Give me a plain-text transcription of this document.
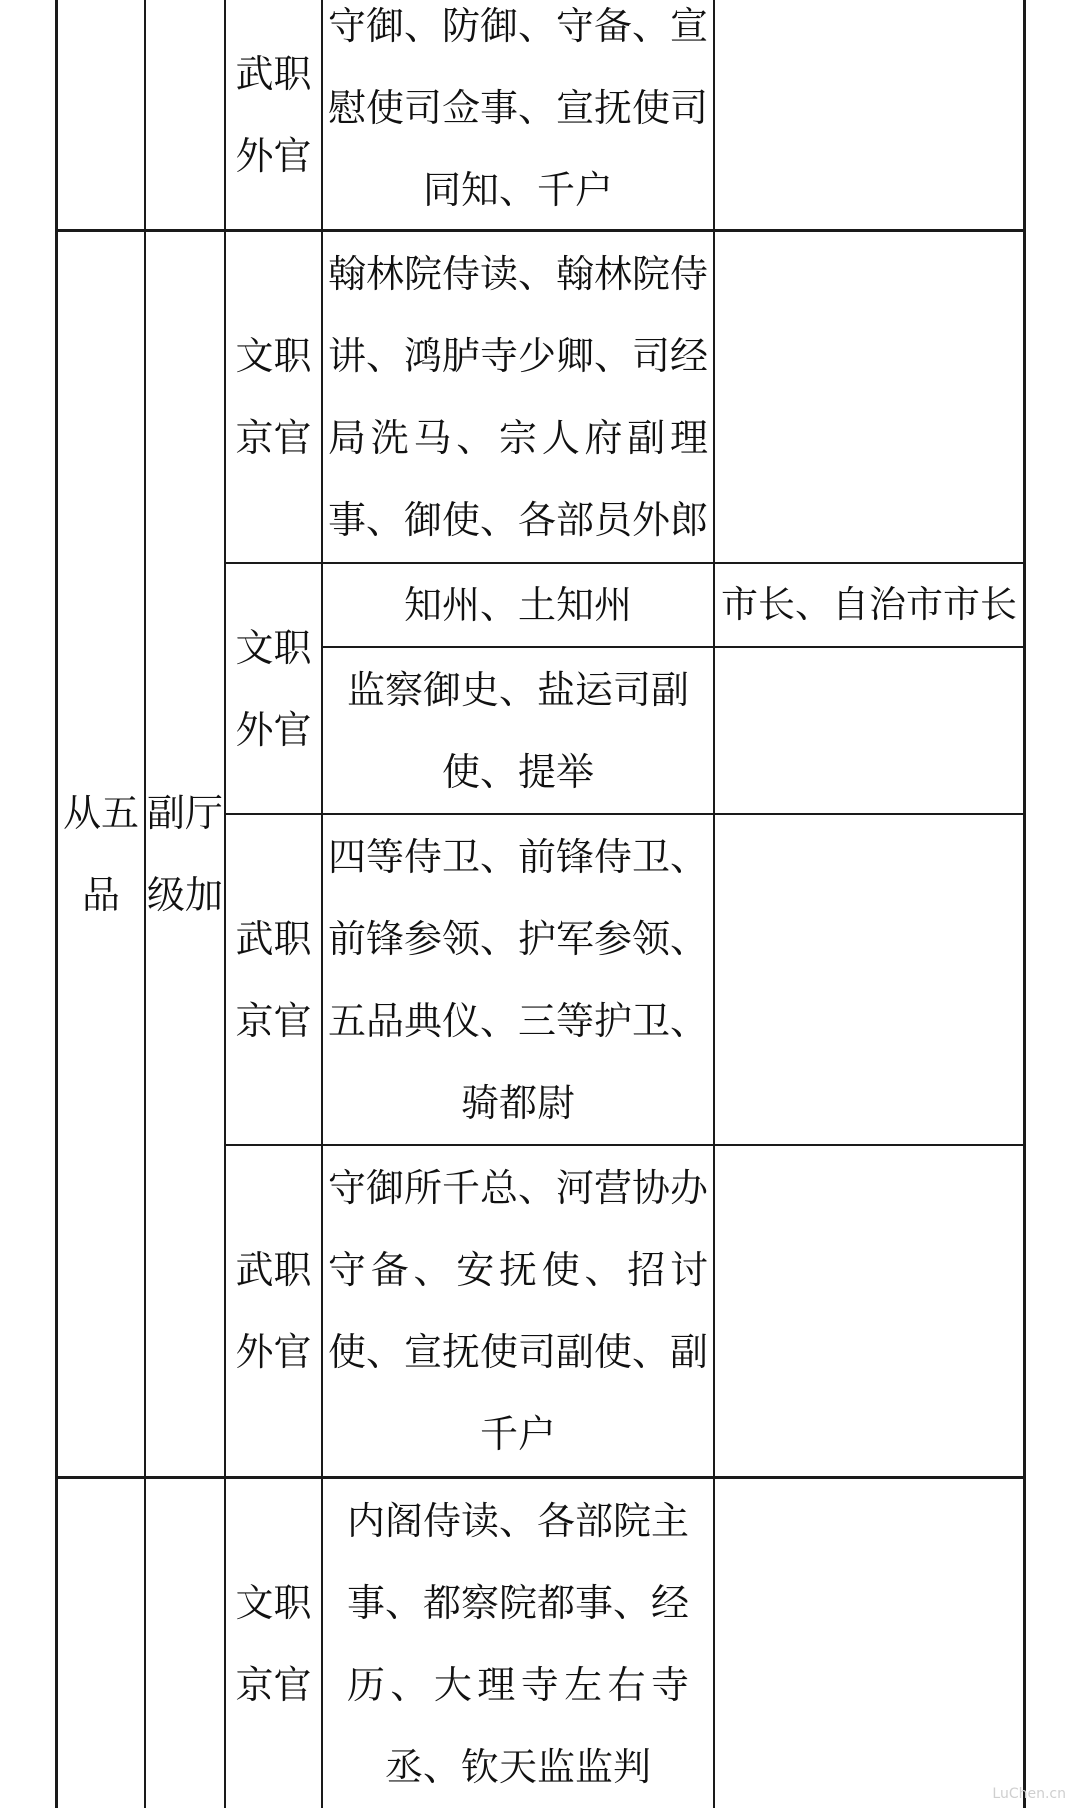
武职外官
守御、防御、守备、宣慰使司佥事、宣抚使司同知、千户
从五品
副厅级加
文职京官
翰林院侍读、翰林院侍讲、鸿胪寺少卿、司经局洗马、宗人府副理事、御使、各部员外郎
文职外官
知州、土知州	市长、自治市市长
监察御史、盐运司副使、提举
武职京官
四等侍卫、前锋侍卫、前锋参领、护军参领、五品典仪、三等护卫、骑都尉
武职外官
守御所千总、河营协办守备、安抚使、招讨使、宣抚使司副使、副千户
文职京官
内阁侍读、各部院主事、都察院都事、经历、大理寺左右寺丞、钦天监监判
LuChen.cn
